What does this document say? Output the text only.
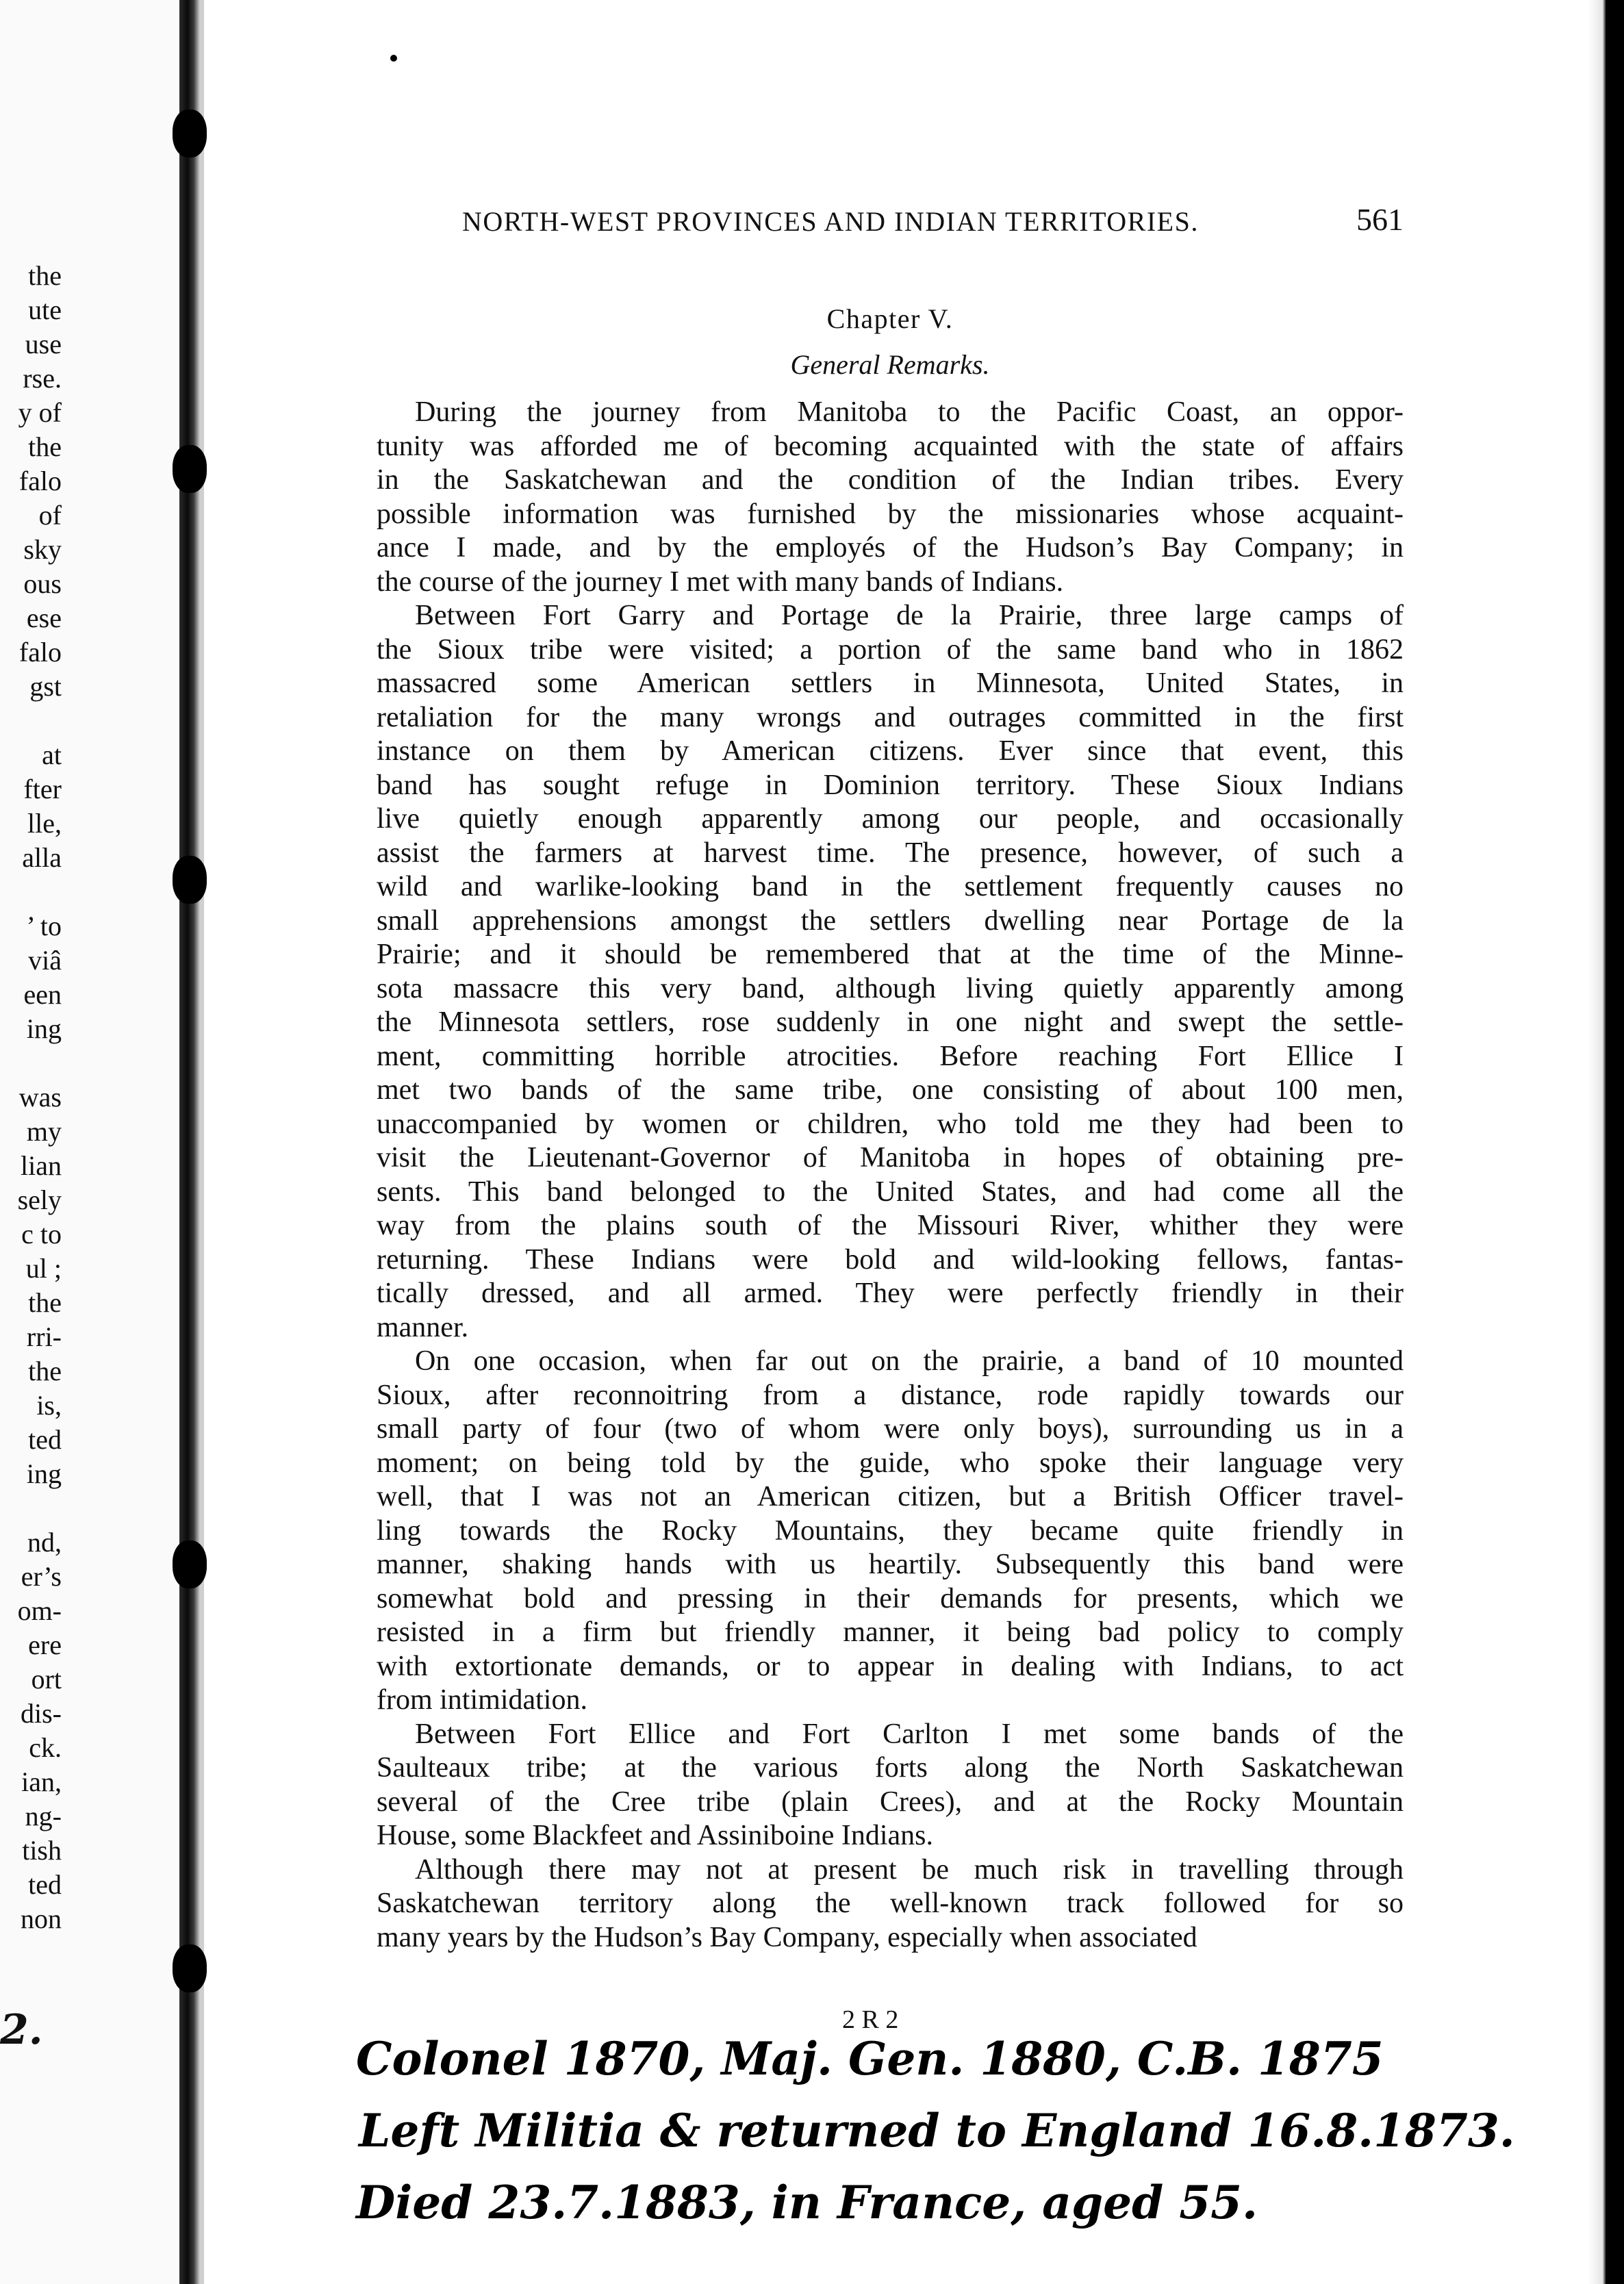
the
ute
use
rse.
y of
the
falo
of
sky
ous
ese
falo
gst
at
fter
lle,
alla
’ to
viâ
een
ing
was
my
lian
sely
c to
ul ;
the
rri-
the
is,
ted
ing
nd,
er’s
om-
ere
ort
dis-
ck.
ian,
ng-
tish
ted
non
2.
NORTH-WEST PROVINCES AND INDIAN TERRITORIES.	561
Chapter V.
General Remarks.
During the journey from Manitoba to the Pacific Coast, an oppor-
tunity was afforded me of becoming acquainted with the state of affairs
in the Saskatchewan and the condition of the Indian tribes. Every
possible information was furnished by the missionaries whose acquaint-
ance I made, and by the employés of the Hudson’s Bay Company; in
the course of the journey I met with many bands of Indians.
Between Fort Garry and Portage de la Prairie, three large camps of
the Sioux tribe were visited; a portion of the same band who in 1862
massacred some American settlers in Minnesota, United States, in
retaliation for the many wrongs and outrages committed in the first
instance on them by American citizens. Ever since that event, this
band has sought refuge in Dominion territory. These Sioux Indians
live quietly enough apparently among our people, and occasionally
assist the farmers at harvest time. The presence, however, of such a
wild and warlike-looking band in the settlement frequently causes no
small apprehensions amongst the settlers dwelling near Portage de la
Prairie; and it should be remembered that at the time of the Minne-
sota massacre this very band, although living quietly apparently among
the Minnesota settlers, rose suddenly in one night and swept the settle-
ment, committing horrible atrocities. Before reaching Fort Ellice I
met two bands of the same tribe, one consisting of about 100 men,
unaccompanied by women or children, who told me they had been to
visit the Lieutenant-Governor of Manitoba in hopes of obtaining pre-
sents. This band belonged to the United States, and had come all the
way from the plains south of the Missouri River, whither they were
returning. These Indians were bold and wild-looking fellows, fantas-
tically dressed, and all armed. They were perfectly friendly in their
manner.
On one occasion, when far out on the prairie, a band of 10 mounted
Sioux, after reconnoitring from a distance, rode rapidly towards our
small party of four (two of whom were only boys), surrounding us in a
moment; on being told by the guide, who spoke their language very
well, that I was not an American citizen, but a British Officer travel-
ling towards the Rocky Mountains, they became quite friendly in
manner, shaking hands with us heartily. Subsequently this band were
somewhat bold and pressing in their demands for presents, which we
resisted in a firm but friendly manner, it being bad policy to comply
with extortionate demands, or to appear in dealing with Indians, to act
from intimidation.
Between Fort Ellice and Fort Carlton I met some bands of the
Saulteaux tribe; at the various forts along the North Saskatchewan
several of the Cree tribe (plain Crees), and at the Rocky Mountain
House, some Blackfeet and Assiniboine Indians.
Although there may not at present be much risk in travelling through
Saskatchewan territory along the well-known track followed for so
many years by the Hudson’s Bay Company, especially when associated
2 R 2
Colonel 1870, Maj. Gen. 1880, C.B. 1875
Left Militia & returned to England 16.8.1873.
Died 23.7.1883, in France, aged 55.
